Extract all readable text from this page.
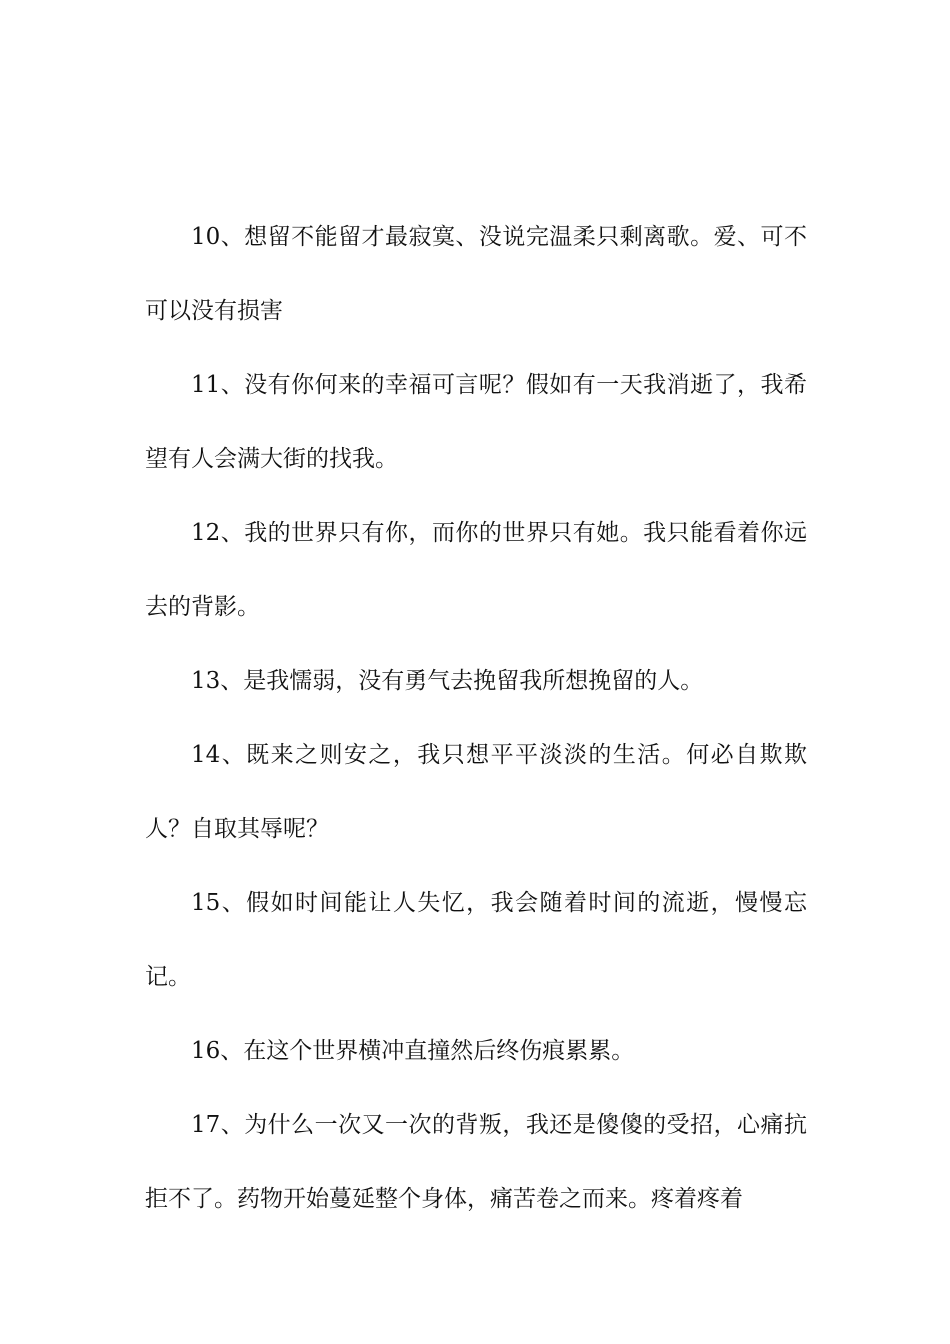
10、想留不能留才最寂寞、没说完温柔只剩离歌。爱、可不可以没有损害

11、没有你何来的幸福可言呢？假如有一天我消逝了，我希望有人会满大街的找我。

12、我的世界只有你，而你的世界只有她。我只能看着你远去的背影。

13、是我懦弱，没有勇气去挽留我所想挽留的人。

14、既来之则安之，我只想平平淡淡的生活。何必自欺欺人？自取其辱呢？

15、假如时间能让人失忆，我会随着时间的流逝，慢慢忘记。

16、在这个世界横冲直撞然后终伤痕累累。

17、为什么一次又一次的背叛，我还是傻傻的受招，心痛抗拒不了。药物开始蔓延整个身体，痛苦卷之而来。疼着疼着
